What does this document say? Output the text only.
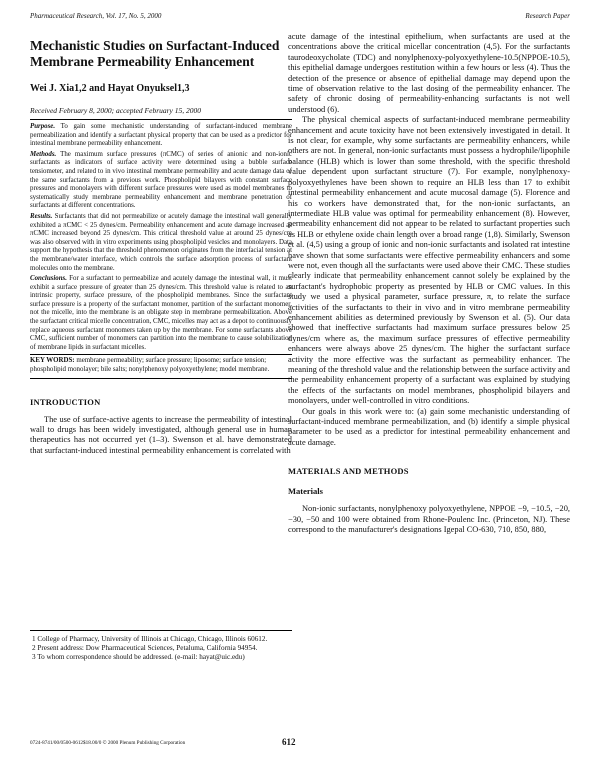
Pharmaceutical Research, Vol. 17, No. 5, 2000	Research Paper
Mechanistic Studies on Surfactant-Induced Membrane Permeability Enhancement
Wei J. Xia1,2 and Hayat Onyuksel1,3
Received February 8, 2000; accepted February 15, 2000

Purpose. To gain some mechanistic understanding of surfactant-induced membrane permeabilization and identify a surfactant physical property that can be used as a predictor for intestinal membrane permeability enhancement.

Methods. The maximum surface pressures (πCMC) of series of anionic and non-ionic surfactants as indicators of surface activity were determined using a bubble surface tensiometer, and related to in vivo intestinal membrane permeability and acute damage data of the same surfactants from a previous work. Phospholipid bilayers with constant surface pressures and monolayers with different surface pressures were used as model membranes to systematically study membrane permeability enhancement and membrane penetration of surfactants at different concentrations.

Results. Surfactants that did not permeabilize or acutely damage the intestinal wall generally exhibited a πCMC < 25 dynes/cm. Permeability enhancement and acute damage increased as πCMC increased beyond 25 dynes/cm. This critical threshold value at around 25 dynes/cm was also observed with in vitro experiments using phospholipid vesicles and monolayers. Data support the hypothesis that the threshold phenomenon originates from the interfacial tension at the membrane/water interface, which controls the surface adsorption process of surfactant molecules onto the membrane.

Conclusions. For a surfactant to permeabilize and acutely damage the intestinal wall, it must exhibit a surface pressure of greater than 25 dynes/cm. This threshold value is related to an intrinsic property, surface pressure, of the phospholipid membranes. Since the surfactant surface pressure is a property of the surfactant monomer, partition of the surfactant monomer, not the micelle, into the membrane is an obligate step in membrane permeabilization. Above the surfactant critical micelle concentration, CMC, micelles may act as a depot to continuously replace aqueous surfactant monomers taken up by the membrane. For some surfactants above CMC, sufficient number of monomers can partition into the membrane to cause solubilization of membrane lipids in surfactant micelles.

KEY WORDS: membrane permeability; surface pressure; liposome; surface tension; phospholipid monolayer; bile salts; nonylphenoxy polyoxyethylene; model membrane.
INTRODUCTION

The use of surface-active agents to increase the permeability of intestinal wall to drugs has been widely investigated, although general use in human therapeutics has not occurred yet (1–3). Swenson et al. have demonstrated that surfactant-induced intestinal permeability enhancement is correlated with

1 College of Pharmacy, University of Illinois at Chicago, Chicago, Illinois 60612.

2 Present address: Dow Pharmaceutical Sciences, Petaluma, California 94954.

3 To whom correspondence should be addressed. (e-mail: hayat@uic.edu)

acute damage of the intestinal epithelium, when surfactants are used at the concentrations above the critical micellar concentration (4,5). For the surfactants taurodeoxycholate (TDC) and nonylphenoxy-polyoxyethylene-10.5(NPPOE-10.5), this epithelial damage undergoes restitution within a few hours or less (4). Thus the detection of the presence or absence of epithelial damage may depend upon the time of observation relative to the last dosing of the permeability enhancer. The safety of chronic dosing of permeability-enhancing surfactants is not well understood (6).

The physical chemical aspects of surfactant-induced membrane permeability enhancement and acute toxicity have not been extensively investigated in detail. It is not clear, for example, why some surfactants are permeability enhancers, while others are not. In general, non-ionic surfactants must possess a hydrophile/lipophile balance (HLB) which is lower than some threshold, with the specific threshold value dependent upon surfactant structure (7). For example, nonylphenoxy-polyoxyethylenes have been shown to require an HLB less than 17 to exhibit intestinal permeability enhancement and acute mucosal damage (5). Florence and his co workers have demonstrated that, for the non-ionic surfactants, an intermediate HLB value was optimal for permeability enhancement (8). However, permeability enhancement did not appear to be related to surfactant properties such as HLB or ethylene oxide chain length over a broad range (1,8). Similarly, Swenson et al. (4,5) using a group of ionic and non-ionic surfactants and isolated rat intestine have shown that some surfactants were effective permeability enhancers and some were not, even though all the surfactants were used above their CMC. These studies clearly indicate that permeability enhancement cannot solely be explained by the surfactant's hydrophobic property as presented by HLB or CMC values. In this study we used a physical parameter, surface pressure, π, to relate the surface activities of the surfactants to their in vivo and in vitro membrane permeability enhancement abilities as determined previously by Swenson et al. (5). Our data showed that ineffective surfactants had maximum surface pressures below 25 dynes/cm where as, the maximum surface pressures of effective permeability enhancers were always above 25 dynes/cm. The higher the surfactant surface activity the more effective was the surfactant as permeability enhancer. The meaning of the threshold value and the relationship between the surface activity and the permeability enhancement property of a surfactant was explained by studying the effects of the surfactants on model membranes, phospholipid bilayers and monolayers, under well-controlled in vitro conditions.

Our goals in this work were to: (a) gain some mechanistic understanding of surfactant-induced membrane permeabilization, and (b) identify a simple physical parameter to be used as a predictor for intestinal permeability enhancement and acute damage.

MATERIALS AND METHODS
Materials

Non-ionic surfactants, nonylphenoxy polyoxyethylene, NPPOE −9, −10.5, −20, −30, −50 and 100 were obtained from Rhone-Poulenc Inc. (Princeton, NJ). These correspond to the manufacturer's designations Igepal CO-630, 710, 850, 880,

0724-8741/00/0500-0612$18.00/0 © 2000 Plenum Publishing Corporation	612
